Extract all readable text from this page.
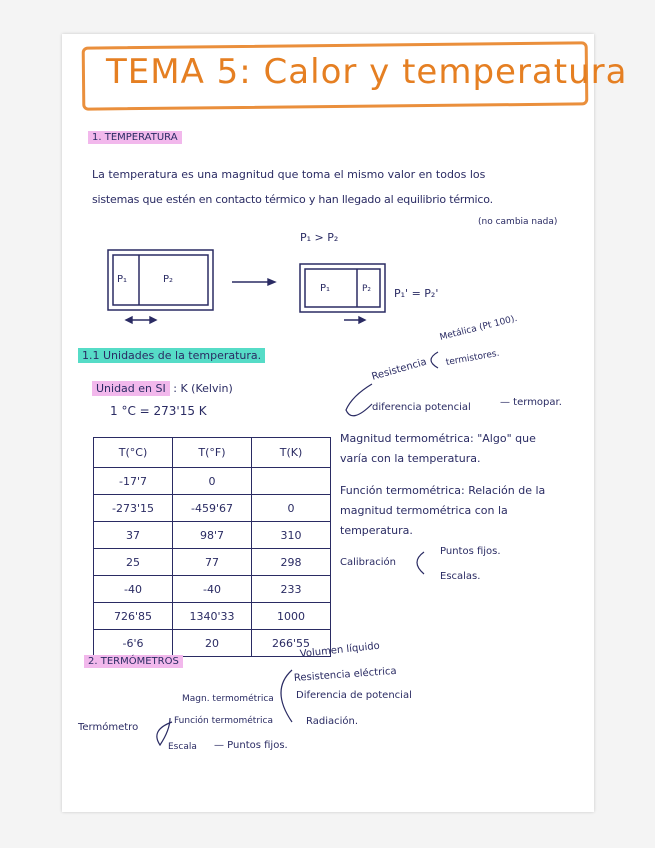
TEMA 5: Calor y temperatura
1. TEMPERATURA
La temperatura es una magnitud que toma el mismo valor en todos los
sistemas que estén en contacto térmico y han llegado al equilibrio térmico.
(no cambia nada)
P₁ > P₂
P₁	P₂
P₁	P₂ P₁' = P₂'
1.1 Unidades de la temperatura.
Unidad en SI : K (Kelvin)
1 °C = 273'15 K
T(°C)	T(°F)	T(K)
-17'7	0	
-273'15	-459'67	0
37	98'7	310
25	77	298
-40	-40	233
726'85	1340'33	1000
-6'6	20	266'55
Resistencia
Metálica (Pt 100).
termistores.
diferencia potencial	— termopar.
Magnitud termométrica: "Algo" que
varía con la temperatura.
Función termométrica: Relación de la
magnitud termométrica con la
temperatura.
Calibración
Puntos fijos.
Escalas.
2. TERMÓMETROS
Volumen líquido
Resistencia eléctrica
Diferencia de potencial
Radiación.
Magn. termométrica
Función termométrica
Termómetro
Escala — Puntos fijos.
